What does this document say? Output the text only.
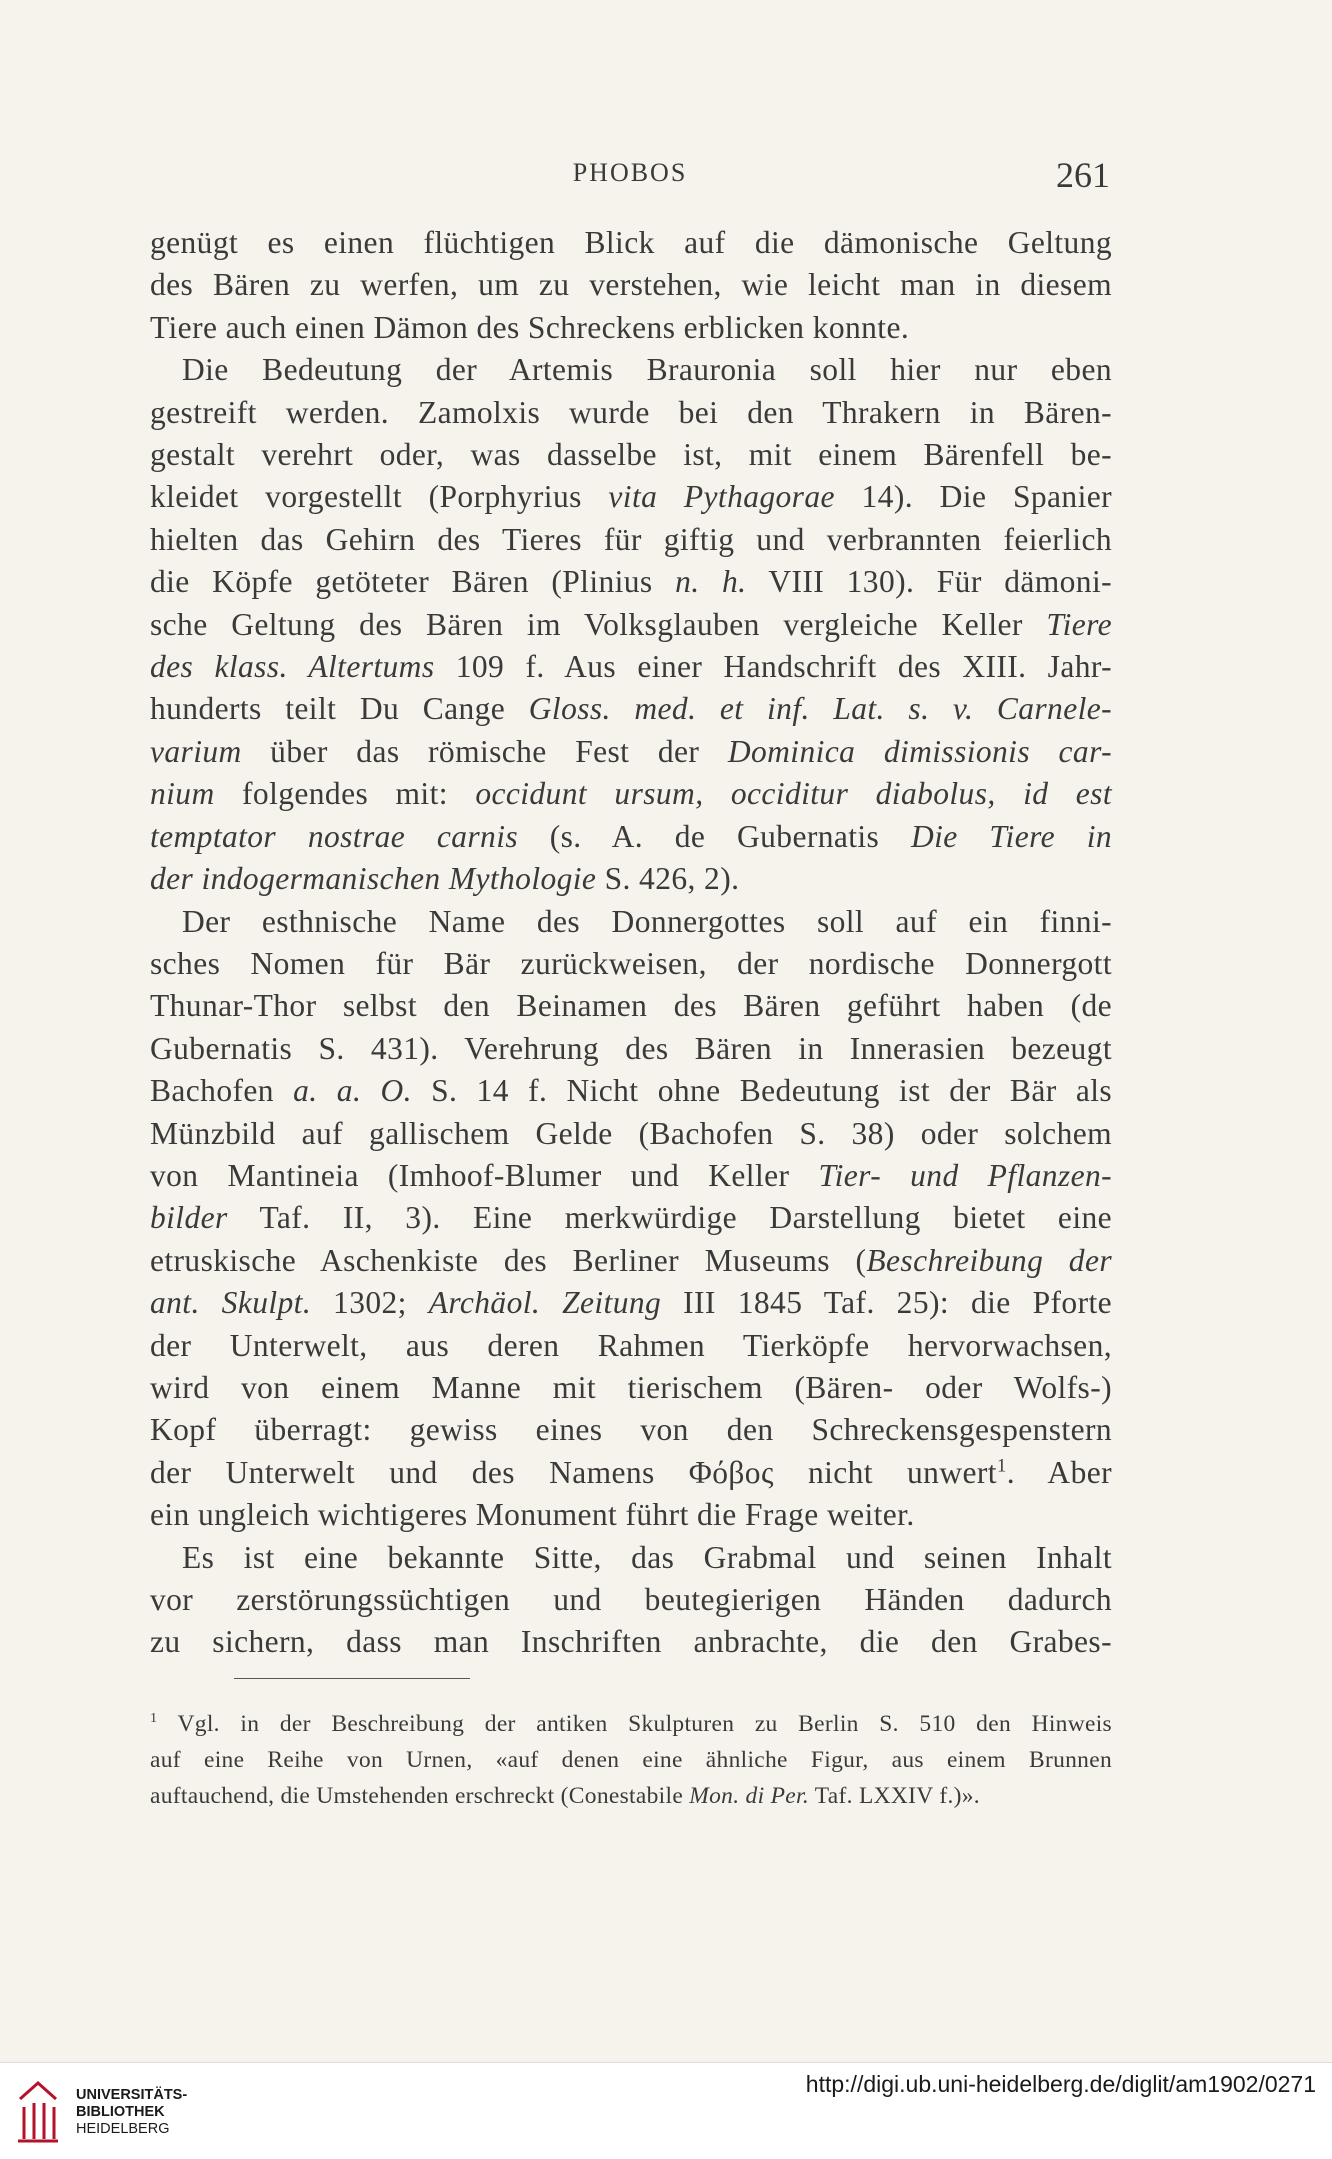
PHOBOS	261
genügt es einen flüchtigen Blick auf die dämonische Geltung
des Bären zu werfen, um zu verstehen, wie leicht man in diesem
Tiere auch einen Dämon des Schreckens erblicken konnte.
Die Bedeutung der Artemis Brauronia soll hier nur eben
gestreift werden. Zamolxis wurde bei den Thrakern in Bären-
gestalt verehrt oder, was dasselbe ist, mit einem Bärenfell be-
kleidet vorgestellt (Porphyrius vita Pythagorae 14). Die Spanier
hielten das Gehirn des Tieres für giftig und verbrannten feierlich
die Köpfe getöteter Bären (Plinius n. h. VIII 130). Für dämoni-
sche Geltung des Bären im Volksglauben vergleiche Keller Tiere
des klass. Altertums 109 f. Aus einer Handschrift des XIII. Jahr-
hunderts teilt Du Cange Gloss. med. et inf. Lat. s. v. Carnele-
varium über das römische Fest der Dominica dimissionis car-
nium folgendes mit: occidunt ursum, occiditur diabolus, id est
temptator nostrae carnis (s. A. de Gubernatis Die Tiere in
der indogermanischen Mythologie S. 426, 2).
Der esthnische Name des Donnergottes soll auf ein finni-
sches Nomen für Bär zurückweisen, der nordische Donnergott
Thunar-Thor selbst den Beinamen des Bären geführt haben (de
Gubernatis S. 431). Verehrung des Bären in Innerasien bezeugt
Bachofen a. a. O. S. 14 f. Nicht ohne Bedeutung ist der Bär als
Münzbild auf gallischem Gelde (Bachofen S. 38) oder solchem
von Mantineia (Imhoof-Blumer und Keller Tier- und Pflanzen-
bilder Taf. II, 3). Eine merkwürdige Darstellung bietet eine
etruskische Aschenkiste des Berliner Museums (Beschreibung der
ant. Skulpt. 1302; Archäol. Zeitung III 1845 Taf. 25): die Pforte
der Unterwelt, aus deren Rahmen Tierköpfe hervorwachsen,
wird von einem Manne mit tierischem (Bären- oder Wolfs-)
Kopf überragt: gewiss eines von den Schreckensgespenstern
der Unterwelt und des Namens Φόβος nicht unwert$^1$. Aber
ein ungleich wichtigeres Monument führt die Frage weiter.
Es ist eine bekannte Sitte, das Grabmal und seinen Inhalt
vor zerstörungssüchtigen und beutegierigen Händen dadurch
zu sichern, dass man Inschriften anbrachte, die den Grabes-
$^1$ Vgl. in der Beschreibung der antiken Skulpturen zu Berlin S. 510 den Hinweis
auf eine Reihe von Urnen, «auf denen eine ähnliche Figur, aus einem Brunnen
auftauchend, die Umstehenden erschreckt (Conestabile Mon. di Per. Taf. LXXIV f.)».
UNIVERSITÄTS-
BIBLIOTHEK
HEIDELBERG
http://digi.ub.uni-heidelberg.de/diglit/am1902/0271
